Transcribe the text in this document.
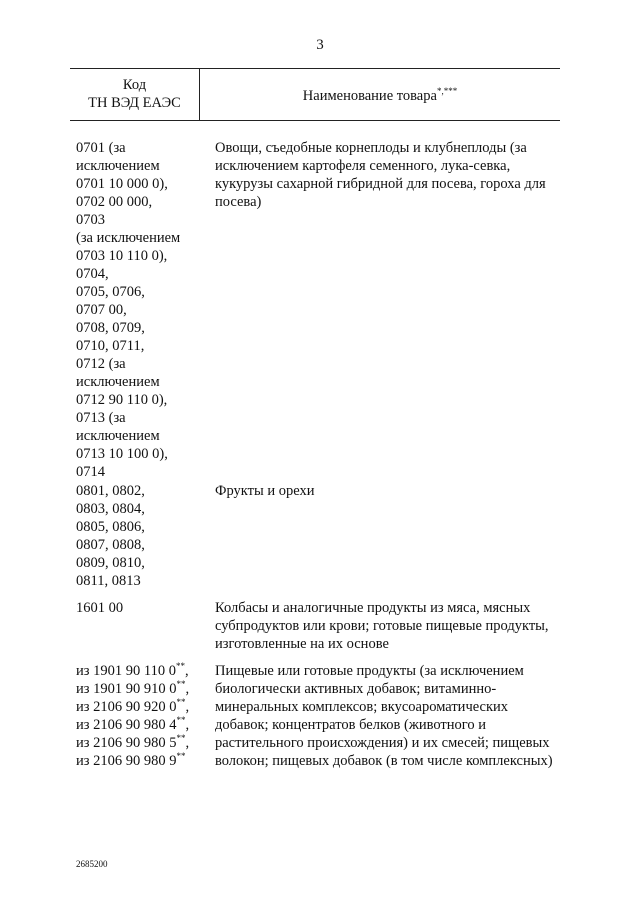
3
Код
ТН ВЭД ЕАЭС	Наименование товара*,***
0701 (за
исключением
0701 10 000 0),
0702 00 000,
0703
(за исключением
0703 10 110 0),
0704,
0705, 0706,
0707 00,
0708, 0709,
0710, 0711,
0712 (за
исключением
0712 90 110 0),
0713 (за
исключением
0713 10 100 0),
0714
Овощи, съедобные корнеплоды и клубнеплоды (за исключением картофеля семенного, лука-севка, кукурузы сахарной гибридной для посева, гороха для посева)
0801, 0802,
0803, 0804,
0805, 0806,
0807, 0808,
0809, 0810,
0811, 0813
Фрукты и орехи
1601 00	Колбасы и аналогичные продукты из мяса, мясных субпродуктов или крови; готовые пищевые продукты, изготовленные на их основе
из 1901 90 110 0**,
из 1901 90 910 0**,
из 2106 90 920 0**,
из 2106 90 980 4**,
из 2106 90 980 5**,
из 2106 90 980 9**
Пищевые или готовые продукты (за исключением биологически активных добавок; витаминно-минеральных комплексов; вкусоароматических добавок; концентратов белков (животного и растительного происхождения) и их смесей; пищевых волокон; пищевых добавок (в том числе комплексных)
2685200
